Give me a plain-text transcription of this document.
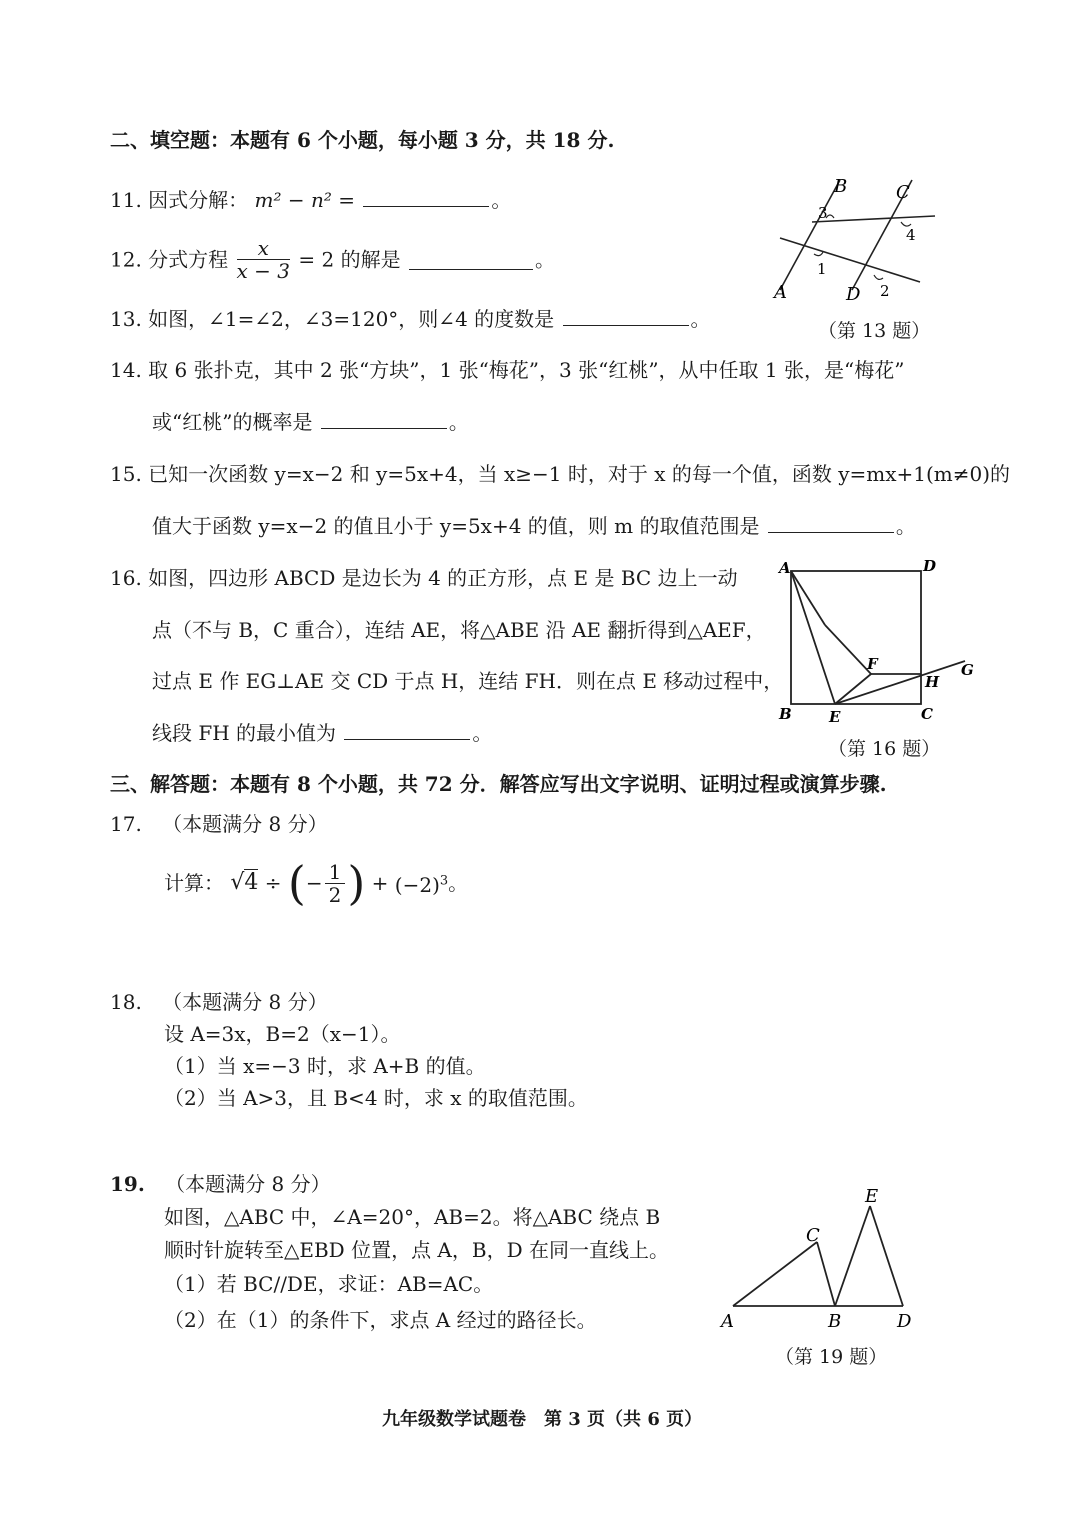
二、填空题：本题有 6 个小题，每小题 3 分，共 18 分.
11. 因式分解： m² − n² =	。
12. 分式方程 $\frac{x}{x - 3} = 2$ 的解是	。
13. 如图，∠1=∠2，∠3=120°，则∠4 的度数是	。
B	C
A	D
1
2
3
4
（第 13 题）
14. 取 6 张扑克，其中 2 张“方块”，1 张“梅花”，3 张“红桃”，从中任取 1 张，是“梅花”
或“红桃”的概率是	。
15. 已知一次函数 y=x−2 和 y=5x+4，当 x≥−1 时，对于 x 的每一个值，函数 y=mx+1(m≠0)的
值大于函数 y=x−2 的值且小于 y=5x+4 的值，则 m 的取值范围是	。
16. 如图，四边形 ABCD 是边长为 4 的正方形，点 E 是 BC 边上一动
点（不与 B，C 重合），连结 AE，将△ABE 沿 AE 翻折得到△AEF，
过点 E 作 EG⊥AE 交 CD 于点 H，连结 FH．则在点 E 移动过程中，
线段 FH 的最小值为	。
A	D
B	C
E
F
H
G
（第 16 题）
三、解答题：本题有 8 个小题，共 72 分．解答应写出文字说明、证明过程或演算步骤.
17. （本题满分 8 分）
计算： √4 ÷ (− $\frac{1}{2}$ ) + $(-2)^3$。
18. （本题满分 8 分）
设 A=3x，B=2（x−1）。
（1）当 x=−3 时，求 A+B 的值。
（2）当 A>3，且 B<4 时，求 x 的取值范围。
19. （本题满分 8 分）
如图，△ABC 中，∠A=20°，AB=2。将△ABC 绕点 B
顺时针旋转至△EBD 位置，点 A，B，D 在同一直线上。
（1）若 BC//DE，求证：AB=AC。
（2）在（1）的条件下，求点 A 经过的路径长。	A	B
C
D
E
（第 19 题）
九年级数学试题卷　第 3 页（共 6 页）
